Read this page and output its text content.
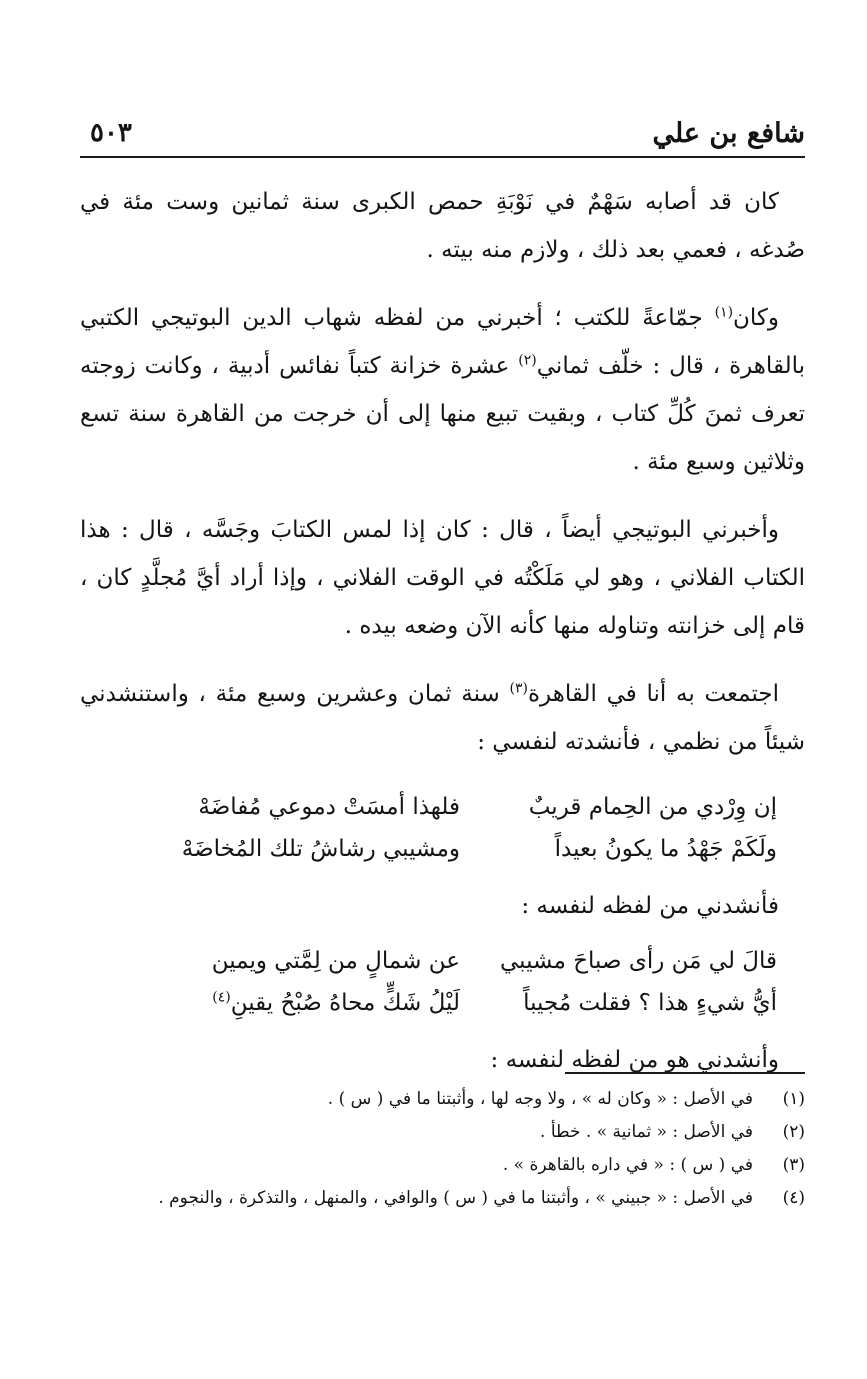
شافع بن علي
٥٠٣

كان قد أصابه سَهْمٌ في نَوْبَةِ حمص الكبرى سنة ثمانين وست مئة في صُدغه ، فعمي بعد ذلك ، ولازم منه بيته .

وكان$^{(١)}$ جمّاعةً للكتب ؛ أخبرني من لفظه شهاب الدين البوتيجي الكتبي بالقاهرة ، قال : خلّف ثماني$^{(٢)}$ عشرة خزانة كتباً نفائس أدبية ، وكانت زوجته تعرف ثمنَ كُلِّ كتاب ، وبقيت تبيع منها إلى أن خرجت من القاهرة سنة تسع وثلاثين وسبع مئة .

وأخبرني البوتيجي أيضاً ، قال : كان إذا لمس الكتابَ وجَسَّه ، قال : هذا الكتاب الفلاني ، وهو لي مَلَكْتُه في الوقت الفلاني ، وإذا أراد أيَّ مُجلَّدٍ كان ، قام إلى خزانته وتناوله منها كأنه الآن وضعه بيده .

اجتمعت به أنا في القاهرة$^{(٣)}$ سنة ثمان وعشرين وسبع مئة ، واستنشدني شيئاً من نظمي ، فأنشدته لنفسي :

إن وِرْدي من الحِمام قريبٌ
فلهذا أمسَتْ دموعي مُفاضَهْ
ولَكَمْ جَهْدُ ما يكونُ بعيداً
ومشيبي رشاشُ تلك المُخاضَهْ

فأنشدني من لفظه لنفسه :

قالَ لي مَن رأى صباحَ مشيبي
عن شمالٍ من لِمَّتي ويمين
أيُّ شيءٍ هذا ؟ فقلت مُجيباً
لَيْلُ شَكٍّ محاهُ صُبْحُ يقينِ$^{(٤)}$

وأنشدني هو من لفظه لنفسه :

(١)
في الأصل : « وكان له » ، ولا وجه لها ، وأثبتنا ما في ( س ) .
(٢)
في الأصل : « ثمانية » . خطأ .
(٣)
في ( س ) : « في داره بالقاهرة » .
(٤)
في الأصل : « جبيني » ، وأثبتنا ما في ( س ) والوافي ، والمنهل ، والتذكرة ، والنجوم .
